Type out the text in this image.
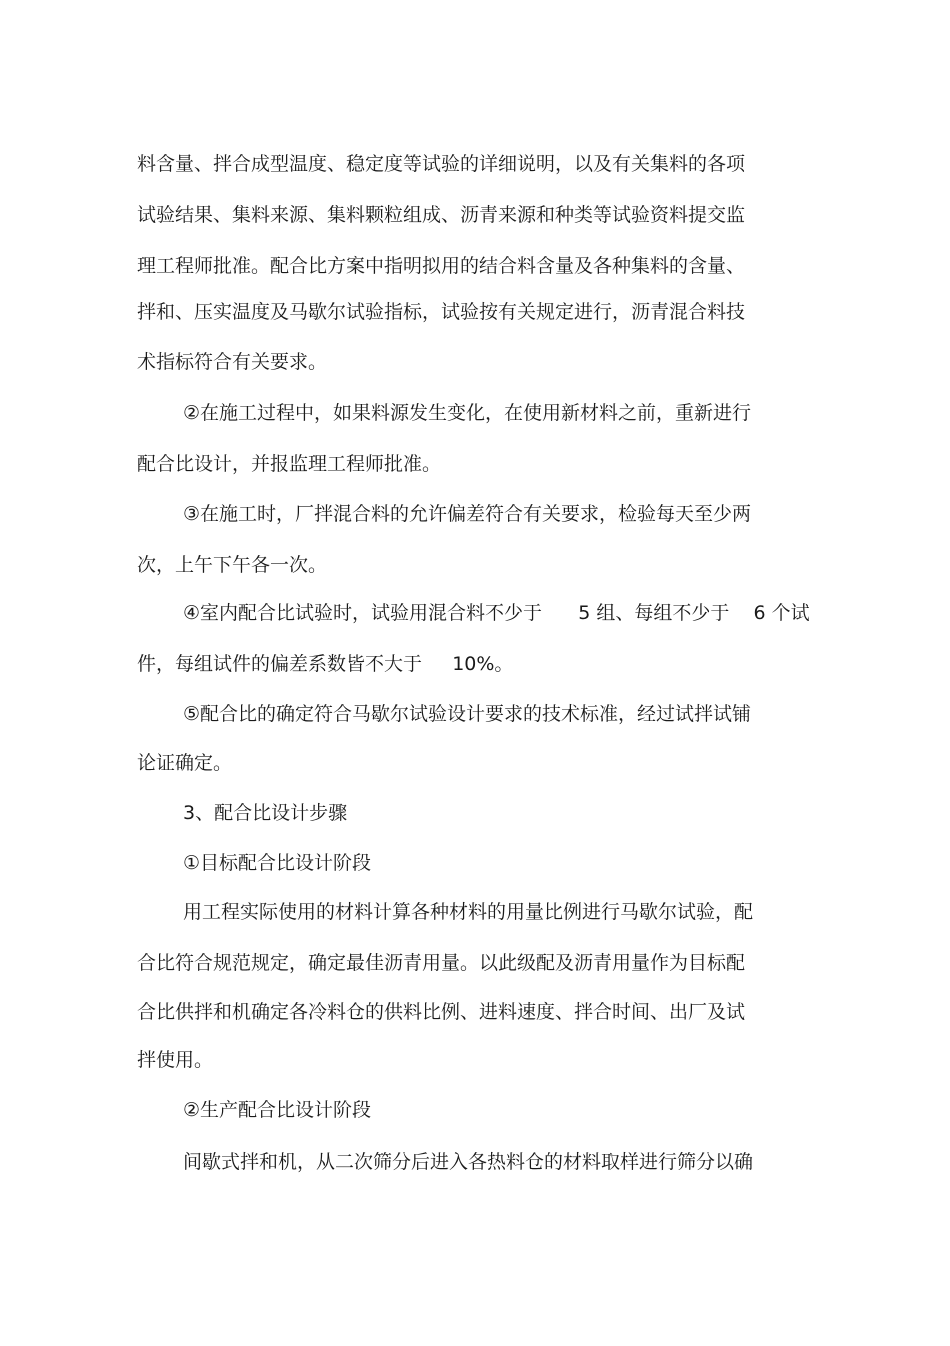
料含量、拌合成型温度、稳定度等试验的详细说明，以及有关集料的各项

试验结果、集料来源、集料颗粒组成、沥青来源和种类等试验资料提交监

理工程师批准。配合比方案中指明拟用的结合料含量及各种集料的含量、

拌和、压实温度及马歇尔试验指标，试验按有关规定进行，沥青混合料技

术指标符合有关要求。

②在施工过程中，如果料源发生变化，在使用新材料之前，重新进行

配合比设计，并报监理工程师批准。

③在施工时，厂拌混合料的允许偏差符合有关要求，检验每天至少两

次，上午下午各一次。

④室内配合比试验时，试验用混合料不少于      5 组、每组不少于    6 个试

件，每组试件的偏差系数皆不大于     10%。

⑤配合比的确定符合马歇尔试验设计要求的技术标准，经过试拌试铺

论证确定。

3、配合比设计步骤

①目标配合比设计阶段

用工程实际使用的材料计算各种材料的用量比例进行马歇尔试验，配

合比符合规范规定，确定最佳沥青用量。以此级配及沥青用量作为目标配

合比供拌和机确定各冷料仓的供料比例、进料速度、拌合时间、出厂及试

拌使用。

②生产配合比设计阶段

间歇式拌和机，从二次筛分后进入各热料仓的材料取样进行筛分以确
